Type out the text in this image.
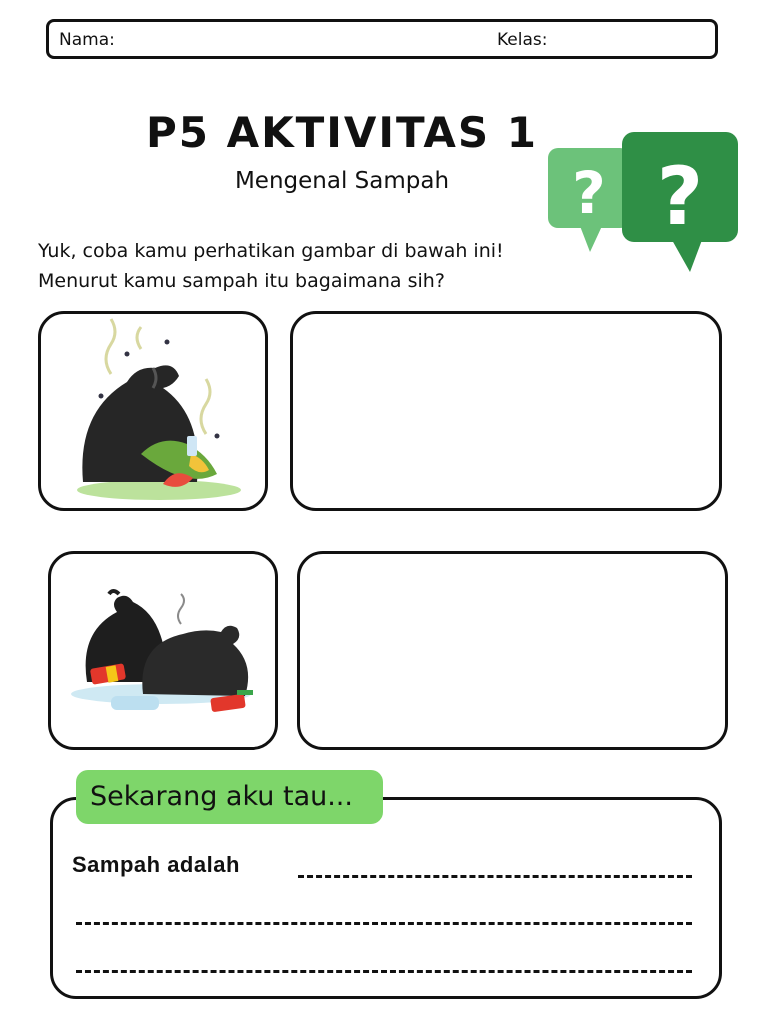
Nama:	Kelas:
P5 AKTIVITAS 1
Mengenal Sampah	? ?
Yuk, coba kamu perhatikan gambar di bawah ini!
Menurut kamu sampah itu bagaimana sih?
Sekarang aku tau...
Sampah adalah
